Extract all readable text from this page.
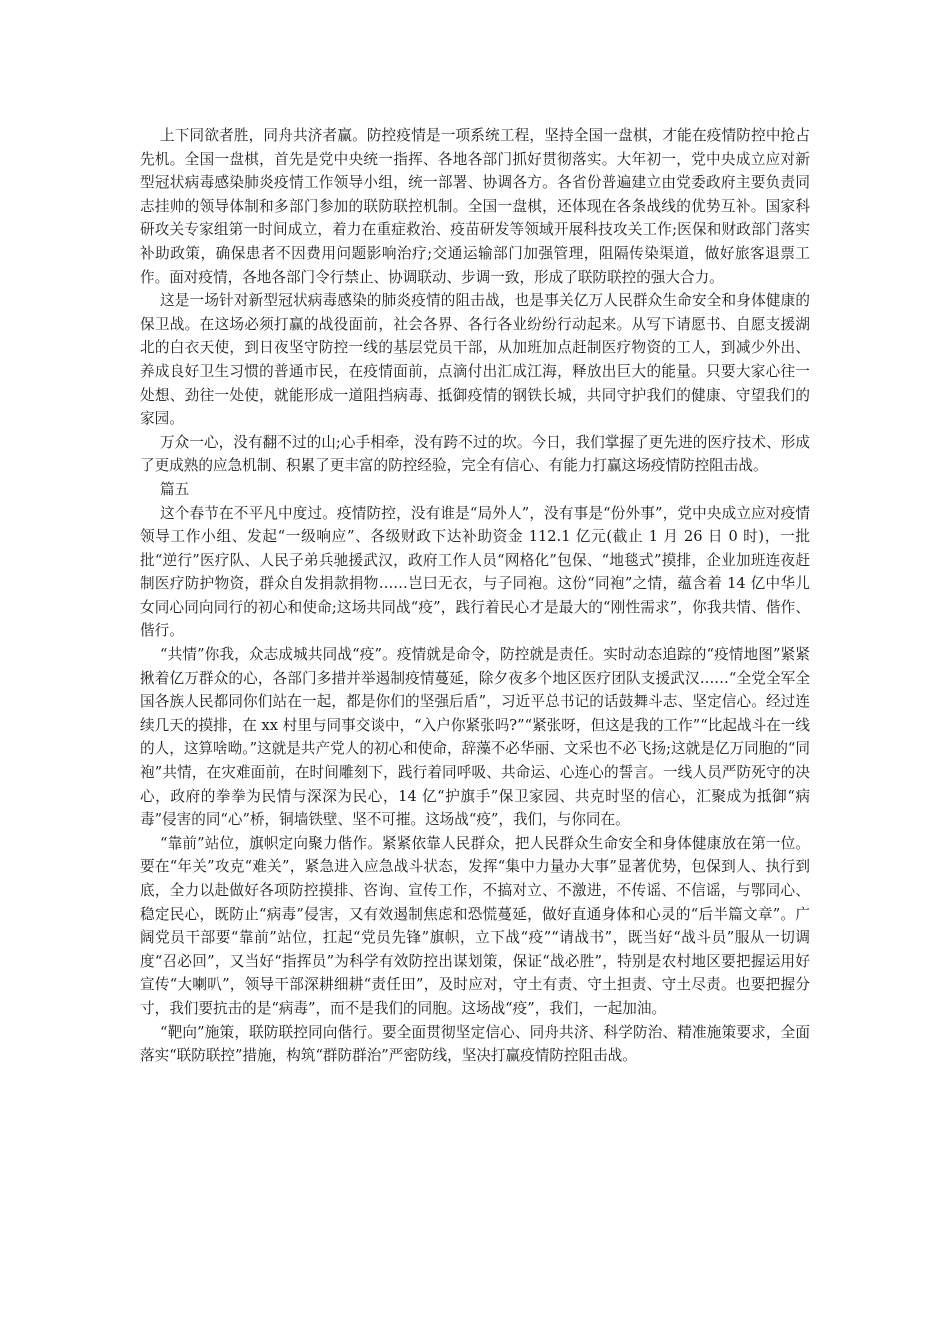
上下同欲者胜，同舟共济者赢。防控疫情是一项系统工程，坚持全国一盘棋，才能在疫情防控中抢占先机。全国一盘棋，首先是党中央统一指挥、各地各部门抓好贯彻落实。大年初一，党中央成立应对新型冠状病毒感染肺炎疫情工作领导小组，统一部署、协调各方。各省份普遍建立由党委政府主要负责同志挂帅的领导体制和多部门参加的联防联控机制。全国一盘棋，还体现在各条战线的优势互补。国家科研攻关专家组第一时间成立，着力在重症救治、疫苗研发等领域开展科技攻关工作;医保和财政部门落实补助政策，确保患者不因费用问题影响治疗;交通运输部门加强管理，阻隔传染渠道，做好旅客退票工作。面对疫情，各地各部门令行禁止、协调联动、步调一致，形成了联防联控的强大合力。

这是一场针对新型冠状病毒感染的肺炎疫情的阻击战，也是事关亿万人民群众生命安全和身体健康的保卫战。在这场必须打赢的战役面前，社会各界、各行各业纷纷行动起来。从写下请愿书、自愿支援湖北的白衣天使，到日夜坚守防控一线的基层党员干部，从加班加点赶制医疗物资的工人，到减少外出、养成良好卫生习惯的普通市民，在疫情面前，点滴付出汇成江海，释放出巨大的能量。只要大家心往一处想、劲往一处使，就能形成一道阻挡病毒、抵御疫情的钢铁长城，共同守护我们的健康、守望我们的家园。

万众一心，没有翻不过的山;心手相牵，没有跨不过的坎。今日，我们掌握了更先进的医疗技术、形成了更成熟的应急机制、积累了更丰富的防控经验，完全有信心、有能力打赢这场疫情防控阻击战。

篇五

这个春节在不平凡中度过。疫情防控，没有谁是“局外人”，没有事是“份外事”，党中央成立应对疫情领导工作小组、发起“一级响应”、各级财政下达补助资金 112.1 亿元(截止 1 月 26 日 0 时)，一批批“逆行”医疗队、人民子弟兵驰援武汉，政府工作人员“网格化”包保、“地毯式”摸排，企业加班连夜赶制医疗防护物资，群众自发捐款捐物……岂曰无衣，与子同袍。这份“同袍”之情，蕴含着 14 亿中华儿女同心同向同行的初心和使命;这场共同战“疫”，践行着民心才是最大的“刚性需求”，你我共情、偕作、偕行。

“共情”你我，众志成城共同战“疫”。疫情就是命令，防控就是责任。实时动态追踪的“疫情地图”紧紧揪着亿万群众的心，各部门多措并举遏制疫情蔓延，除夕夜多个地区医疗团队支援武汉……“全党全军全国各族人民都同你们站在一起，都是你们的坚强后盾”，习近平总书记的话鼓舞斗志、坚定信心。经过连续几天的摸排，在 xx 村里与同事交谈中，“入户你紧张吗?”“紧张呀，但这是我的工作”“比起战斗在一线的人，这算啥呦。”这就是共产党人的初心和使命，辞藻不必华丽、文采也不必飞扬;这就是亿万同胞的“同袍”共情，在灾难面前，在时间雕刻下，践行着同呼吸、共命运、心连心的誓言。一线人员严防死守的决心，政府的拳拳为民情与深深为民心，14 亿“护旗手”保卫家园、共克时坚的信心，汇聚成为抵御“病毒”侵害的同“心”桥，铜墙铁壁、坚不可摧。这场战“疫”，我们，与你同在。

“靠前”站位，旗帜定向聚力偕作。紧紧依靠人民群众，把人民群众生命安全和身体健康放在第一位。要在“年关”攻克“难关”，紧急进入应急战斗状态，发挥“集中力量办大事”显著优势，包保到人、执行到底，全力以赴做好各项防控摸排、咨询、宣传工作，不搞对立、不激进，不传谣、不信谣，与鄂同心、稳定民心，既防止“病毒”侵害，又有效遏制焦虑和恐慌蔓延，做好直通身体和心灵的“后半篇文章”。广阔党员干部要“靠前”站位，扛起“党员先锋”旗帜，立下战“疫”“请战书”，既当好“战斗员”服从一切调度“召必回”，又当好“指挥员”为科学有效防控出谋划策，保证“战必胜”，特别是农村地区要把握运用好宣传“大喇叭”，领导干部深耕细耕“责任田”，及时应对，守土有责、守土担责、守土尽责。也要把握分寸，我们要抗击的是“病毒”，而不是我们的同胞。这场战“疫”，我们，一起加油。

“靶向”施策，联防联控同向偕行。要全面贯彻坚定信心、同舟共济、科学防治、精准施策要求，全面落实“联防联控”措施，构筑“群防群治”严密防线，坚决打赢疫情防控阻击战。
